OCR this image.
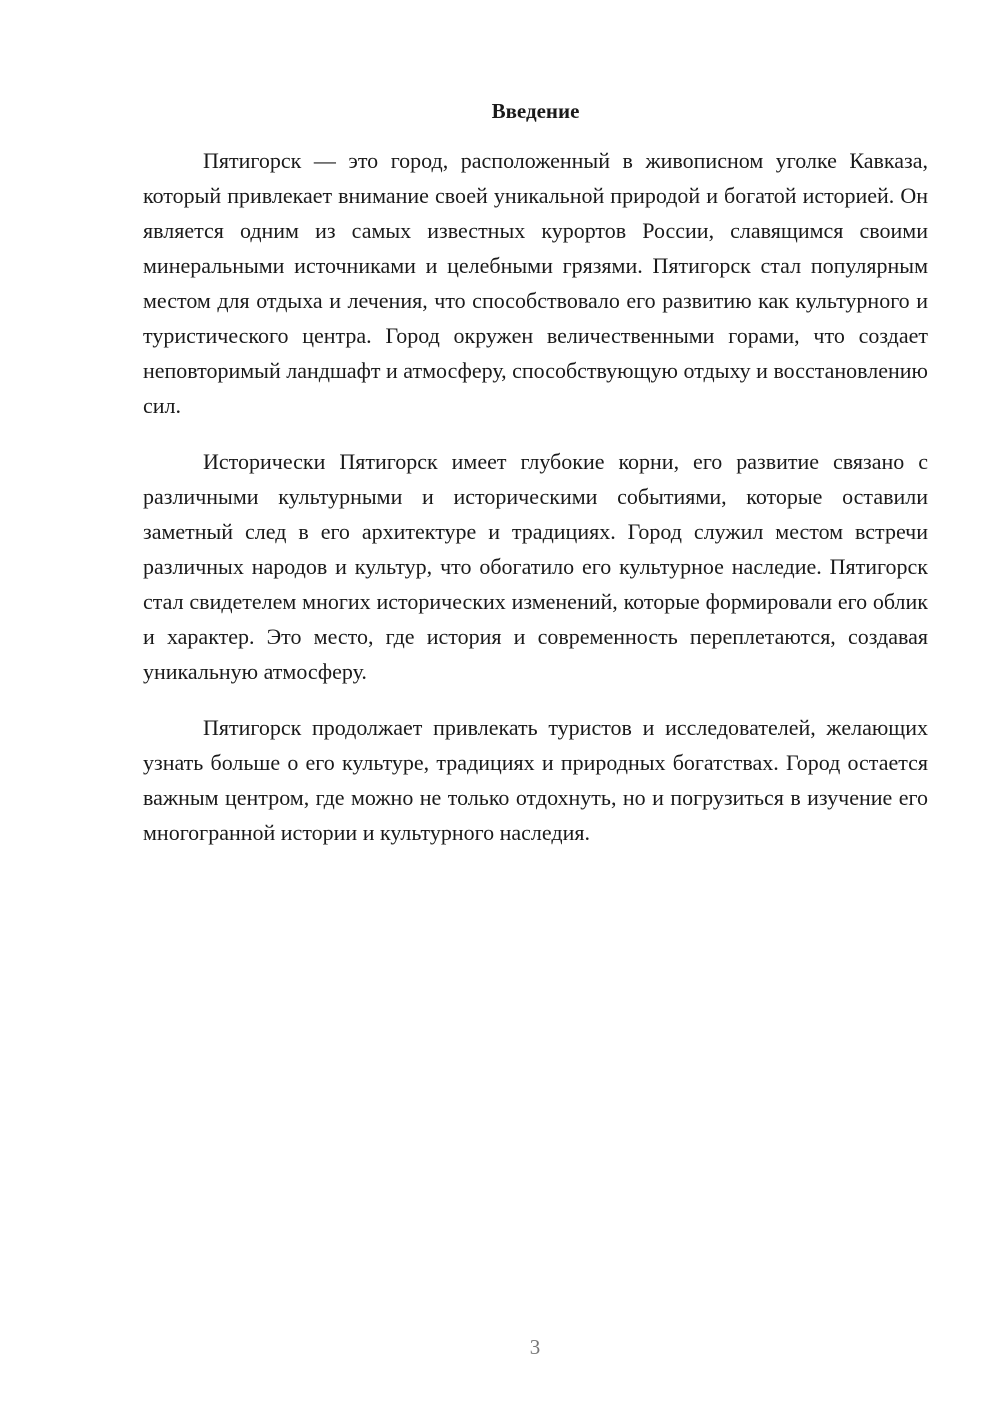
Введение

Пятигорск — это город, расположенный в живописном уголке Кавказа, который привлекает внимание своей уникальной природой и богатой историей. Он является одним из самых известных курортов России, славящимся своими минеральными источниками и целебными грязями. Пятигорск стал популярным местом для отдыха и лечения, что способствовало его развитию как культурного и туристического центра. Город окружен величественными горами, что создает неповторимый ландшафт и атмосферу, способствующую отдыху и восстановлению сил.

Исторически Пятигорск имеет глубокие корни, его развитие связано с различными культурными и историческими событиями, которые оставили заметный след в его архитектуре и традициях. Город служил местом встречи различных народов и культур, что обогатило его культурное наследие. Пятигорск стал свидетелем многих исторических изменений, которые формировали его облик и характер. Это место, где история и современность переплетаются, создавая уникальную атмосферу.

Пятигорск продолжает привлекать туристов и исследователей, желающих узнать больше о его культуре, традициях и природных богатствах. Город остается важным центром, где можно не только отдохнуть, но и погрузиться в изучение его многогранной истории и культурного наследия.

3
